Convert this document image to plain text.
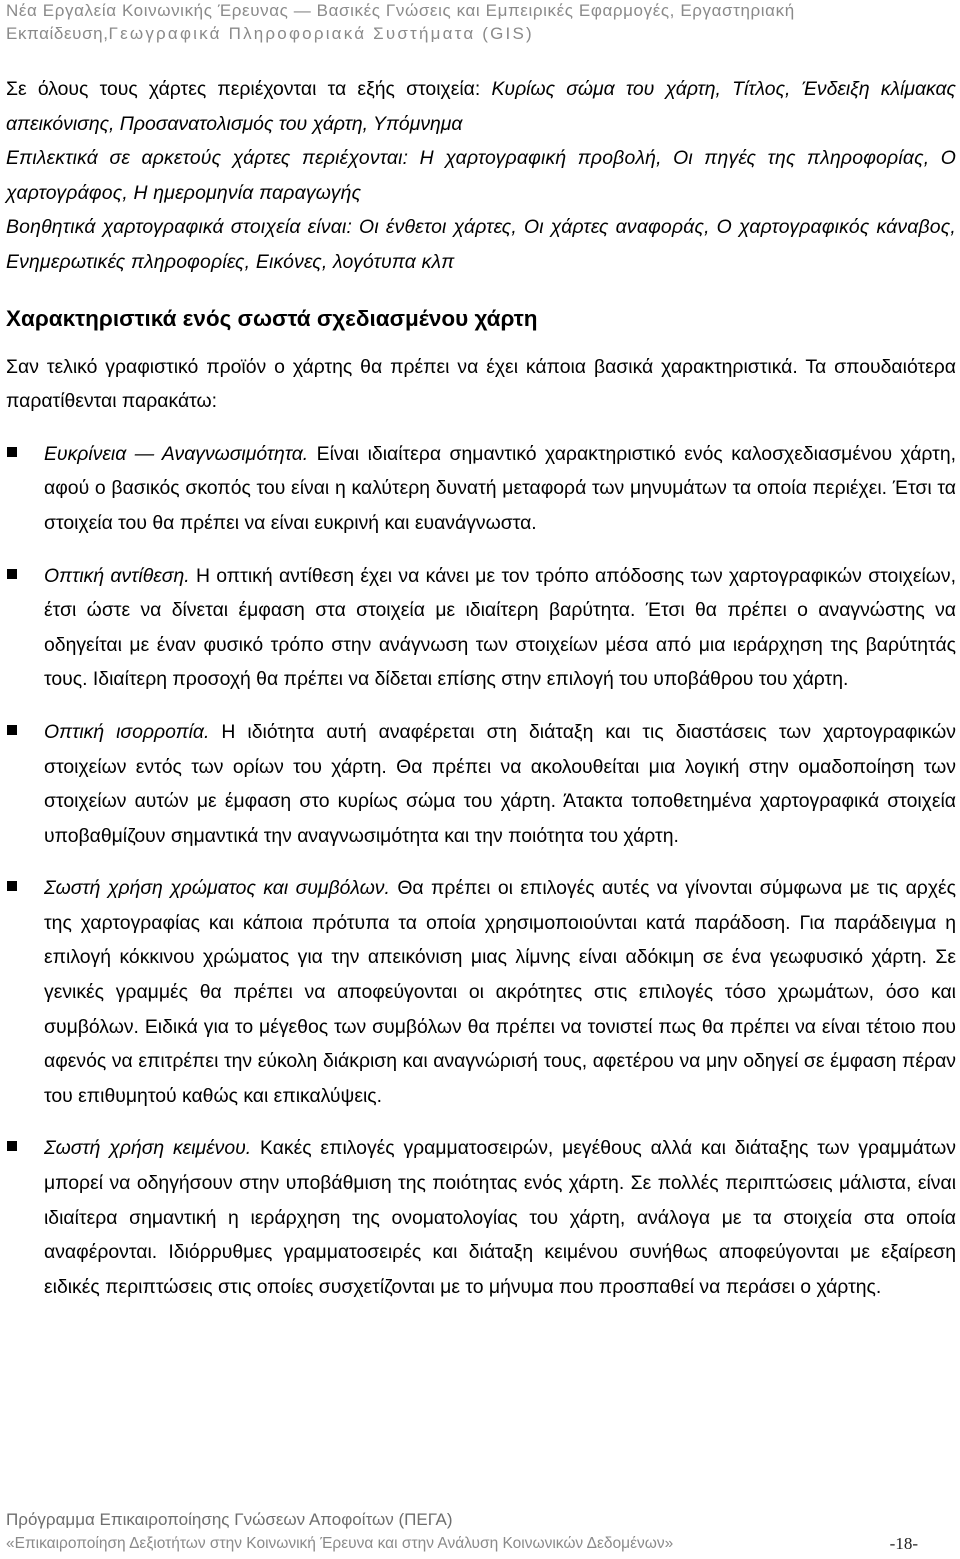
Νέα Εργαλεία Κοινωνικής Έρευνας — Βασικές Γνώσεις και Εμπειρικές Εφαρμογές, Εργαστηριακή
Εκπαίδευση,Γεωγραφικά Πληροφοριακά Συστήματα (GIS)

Σε όλους τους χάρτες περιέχονται τα εξής στοιχεία: Κυρίως σώμα του χάρτη, Τίτλος, Ένδειξη κλίμακας απεικόνισης, Προσανατολισμός του χάρτη, Υπόμνημα

Επιλεκτικά σε αρκετούς χάρτες περιέχονται: Η χαρτογραφική προβολή, Οι πηγές της πληροφορίας, Ο χαρτογράφος, Η ημερομηνία παραγωγής

Βοηθητικά χαρτογραφικά στοιχεία είναι: Οι ένθετοι χάρτες, Οι χάρτες αναφοράς, Ο χαρτογραφικός κάναβος, Ενημερωτικές πληροφορίες, Εικόνες, λογότυπα κλπ

Χαρακτηριστικά ενός σωστά σχεδιασμένου χάρτη

Σαν τελικό γραφιστικό προϊόν ο χάρτης θα πρέπει να έχει κάποια βασικά χαρακτηριστικά. Τα σπουδαιότερα παρατίθενται παρακάτω:

Ευκρίνεια — Αναγνωσιμότητα. Είναι ιδιαίτερα σημαντικό χαρακτηριστικό ενός καλοσχεδιασμένου χάρτη, αφού ο βασικός σκοπός του είναι η καλύτερη δυνατή μεταφορά των μηνυμάτων τα οποία περιέχει. Έτσι τα στοιχεία του θα πρέπει να είναι ευκρινή και ευανάγνωστα.

Οπτική αντίθεση. Η οπτική αντίθεση έχει να κάνει με τον τρόπο απόδοσης των χαρτογραφικών στοιχείων, έτσι ώστε να δίνεται έμφαση στα στοιχεία με ιδιαίτερη βαρύτητα. Έτσι θα πρέπει ο αναγνώστης να οδηγείται με έναν φυσικό τρόπο στην ανάγνωση των στοιχείων μέσα από μια ιεράρχηση της βαρύτητάς τους. Ιδιαίτερη προσοχή θα πρέπει να δίδεται επίσης στην επιλογή του υποβάθρου του χάρτη.

Οπτική ισορροπία. Η ιδιότητα αυτή αναφέρεται στη διάταξη και τις διαστάσεις των χαρτογραφικών στοιχείων εντός των ορίων του χάρτη. Θα πρέπει να ακολουθείται μια λογική στην ομαδοποίηση των στοιχείων αυτών με έμφαση στο κυρίως σώμα του χάρτη. Άτακτα τοποθετημένα χαρτογραφικά στοιχεία υποβαθμίζουν σημαντικά την αναγνωσιμότητα και την ποιότητα του χάρτη.

Σωστή χρήση χρώματος και συμβόλων. Θα πρέπει οι επιλογές αυτές να γίνονται σύμφωνα με τις αρχές της χαρτογραφίας και κάποια πρότυπα τα οποία χρησιμοποιούνται κατά παράδοση. Για παράδειγμα η επιλογή κόκκινου χρώματος για την απεικόνιση μιας λίμνης είναι αδόκιμη σε ένα γεωφυσικό χάρτη. Σε γενικές γραμμές θα πρέπει να αποφεύγονται οι ακρότητες στις επιλογές τόσο χρωμάτων, όσο και συμβόλων. Ειδικά για το μέγεθος των συμβόλων θα πρέπει να τονιστεί πως θα πρέπει να είναι τέτοιο που αφενός να επιτρέπει την εύκολη διάκριση και αναγνώρισή τους, αφετέρου να μην οδηγεί σε έμφαση πέραν του επιθυμητού καθώς και επικαλύψεις.

Σωστή χρήση κειμένου. Κακές επιλογές γραμματοσειρών, μεγέθους αλλά και διάταξης των γραμμάτων μπορεί να οδηγήσουν στην υποβάθμιση της ποιότητας ενός χάρτη. Σε πολλές περιπτώσεις μάλιστα, είναι ιδιαίτερα σημαντική η ιεράρχηση της ονοματολογίας του χάρτη, ανάλογα με τα στοιχεία στα οποία αναφέρονται. Ιδιόρρυθμες γραμματοσειρές και διάταξη κειμένου συνήθως αποφεύγονται με εξαίρεση ειδικές περιπτώσεις στις οποίες συσχετίζονται με το μήνυμα που προσπαθεί να περάσει ο χάρτης.

Πρόγραμμα Επικαιροποίησης Γνώσεων Αποφοίτων (ΠΕΓΑ)
«Επικαιροποίηση Δεξιοτήτων στην Κοινωνική Έρευνα και στην Ανάλυση Κοινωνικών Δεδομένων»	-18-
